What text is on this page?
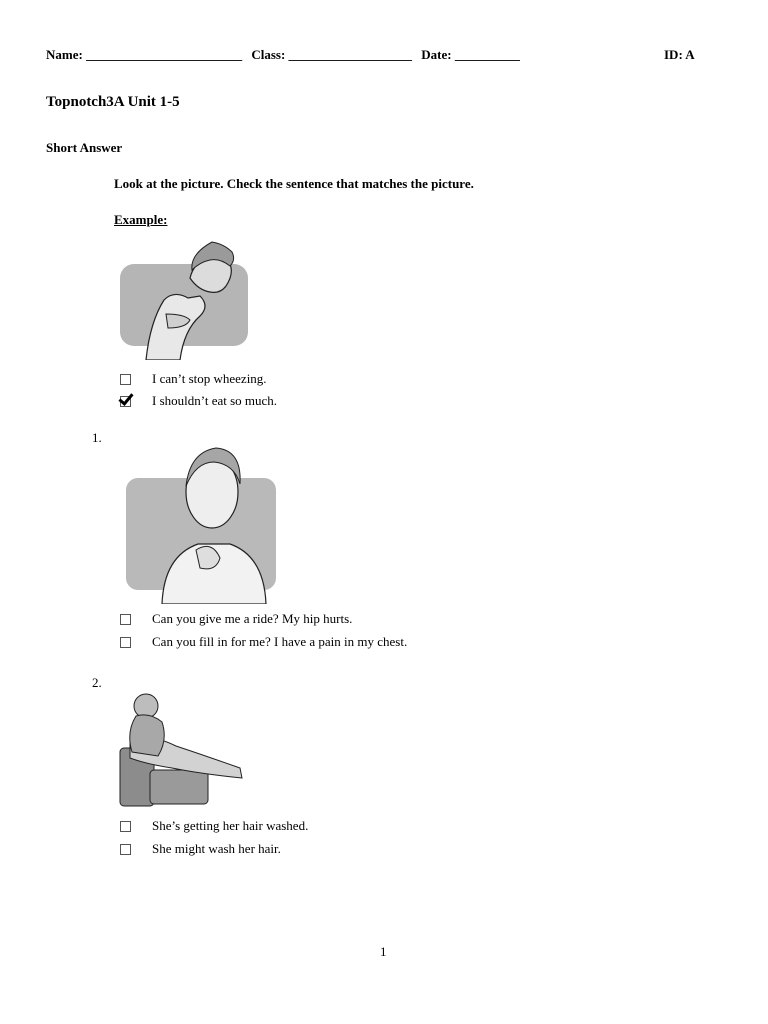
Name: ________________________ Class: ___________________ Date: __________	ID: A
Topnotch3A Unit 1-5
Short Answer
Look at the picture. Check the sentence that matches the picture.
Example:
I can’t stop wheezing.
I shouldn’t eat so much.
1.
Can you give me a ride? My hip hurts.
Can you fill in for me? I have a pain in my chest.
2.
She’s getting her hair washed.
She might wash her hair.
1
